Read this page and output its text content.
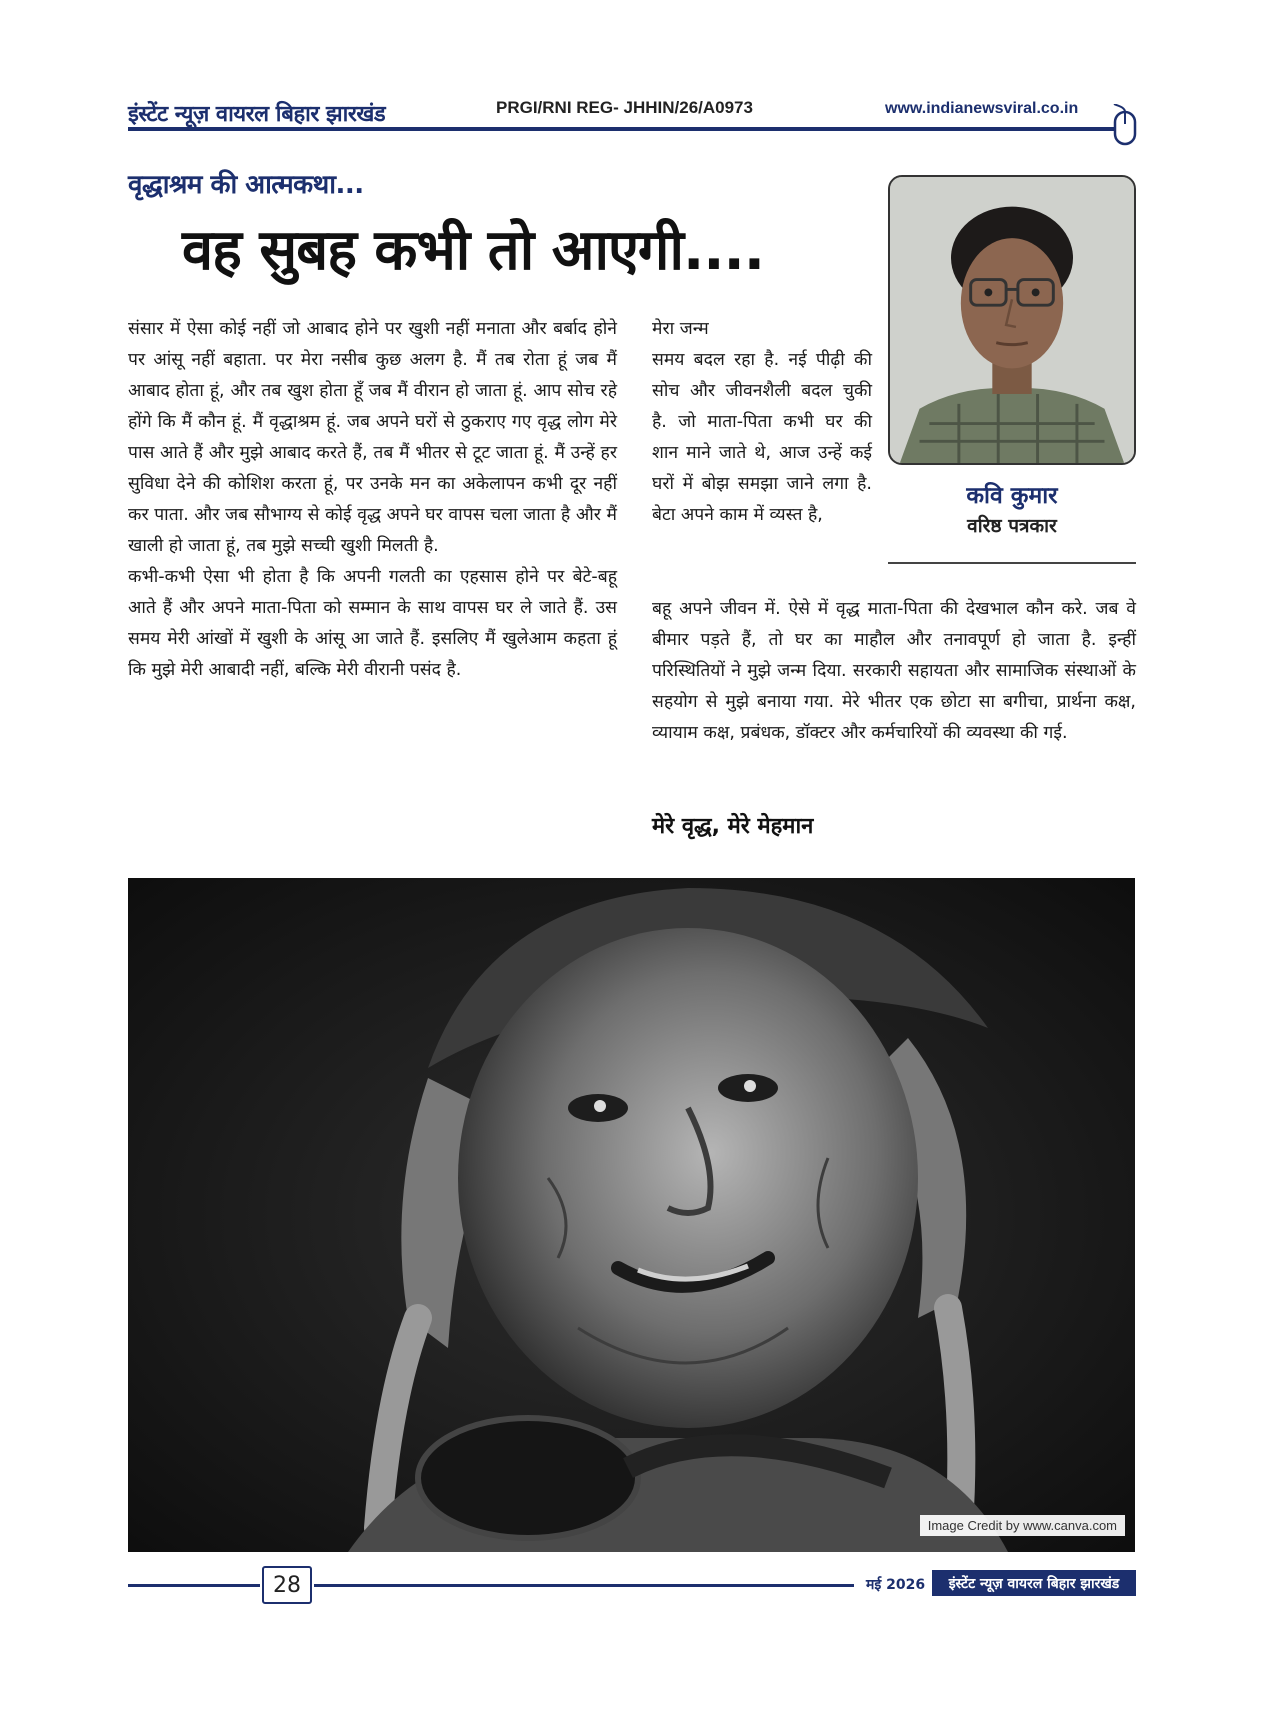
इंस्टेंट न्यूज़ वायरल बिहार झारखंड	PRGI/RNI REG- JHHIN/26/A0973	www.indianewsviral.co.in
वृद्धाश्रम की आत्मकथा...
वह सुबह कभी तो आएगी....
कवि कुमार
वरिष्ठ पत्रकार

संसार में ऐसा कोई नहीं जो आबाद होने पर खुशी नहीं मनाता और बर्बाद होने पर आंसू नहीं बहाता. पर मेरा नसीब कुछ अलग है. मैं तब रोता हूं जब मैं आबाद होता हूं, और तब खुश होता हूँ जब मैं वीरान हो जाता हूं. आप सोच रहे होंगे कि मैं कौन हूं. मैं वृद्धाश्रम हूं. जब अपने घरों से ठुकराए गए वृद्ध लोग मेरे पास आते हैं और मुझे आबाद करते हैं, तब मैं भीतर से टूट जाता हूं. मैं उन्हें हर सुविधा देने की कोशिश करता हूं, पर उनके मन का अकेलापन कभी दूर नहीं कर पाता. और जब सौभाग्य से कोई वृद्ध अपने घर वापस चला जाता है और मैं खाली हो जाता हूं, तब मुझे सच्ची खुशी मिलती है.

कभी-कभी ऐसा भी होता है कि अपनी गलती का एहसास होने पर बेटे-बहू आते हैं और अपने माता-पिता को सम्मान के साथ वापस घर ले जाते हैं. उस समय मेरी आंखों में खुशी के आंसू आ जाते हैं. इसलिए मैं खुलेआम कहता हूं कि मुझे मेरी आबादी नहीं, बल्कि मेरी वीरानी पसंद है.

मेरा जन्म
समय बदल रहा है. नई पीढ़ी की सोच और जीवनशैली बदल चुकी है. जो माता-पिता कभी घर की शान माने जाते थे, आज उन्हें कई घरों में बोझ समझा जाने लगा है. बेटा अपने काम में व्यस्त है,
बहू अपने जीवन में. ऐसे में वृद्ध माता-पिता की देखभाल कौन करे. जब वे बीमार पड़ते हैं, तो घर का माहौल और तनावपूर्ण हो जाता है. इन्हीं परिस्थितियों ने मुझे जन्म दिया. सरकारी सहायता और सामाजिक संस्थाओं के सहयोग से मुझे बनाया गया. मेरे भीतर एक छोटा सा बगीचा, प्रार्थना कक्ष, व्यायाम कक्ष, प्रबंधक, डॉक्टर और कर्मचारियों की व्यवस्था की गई.
मेरे वृद्ध, मेरे मेहमान
Image Credit by www.canva.com
28	मई 2026	इंस्टेंट न्यूज़ वायरल बिहार झारखंड
